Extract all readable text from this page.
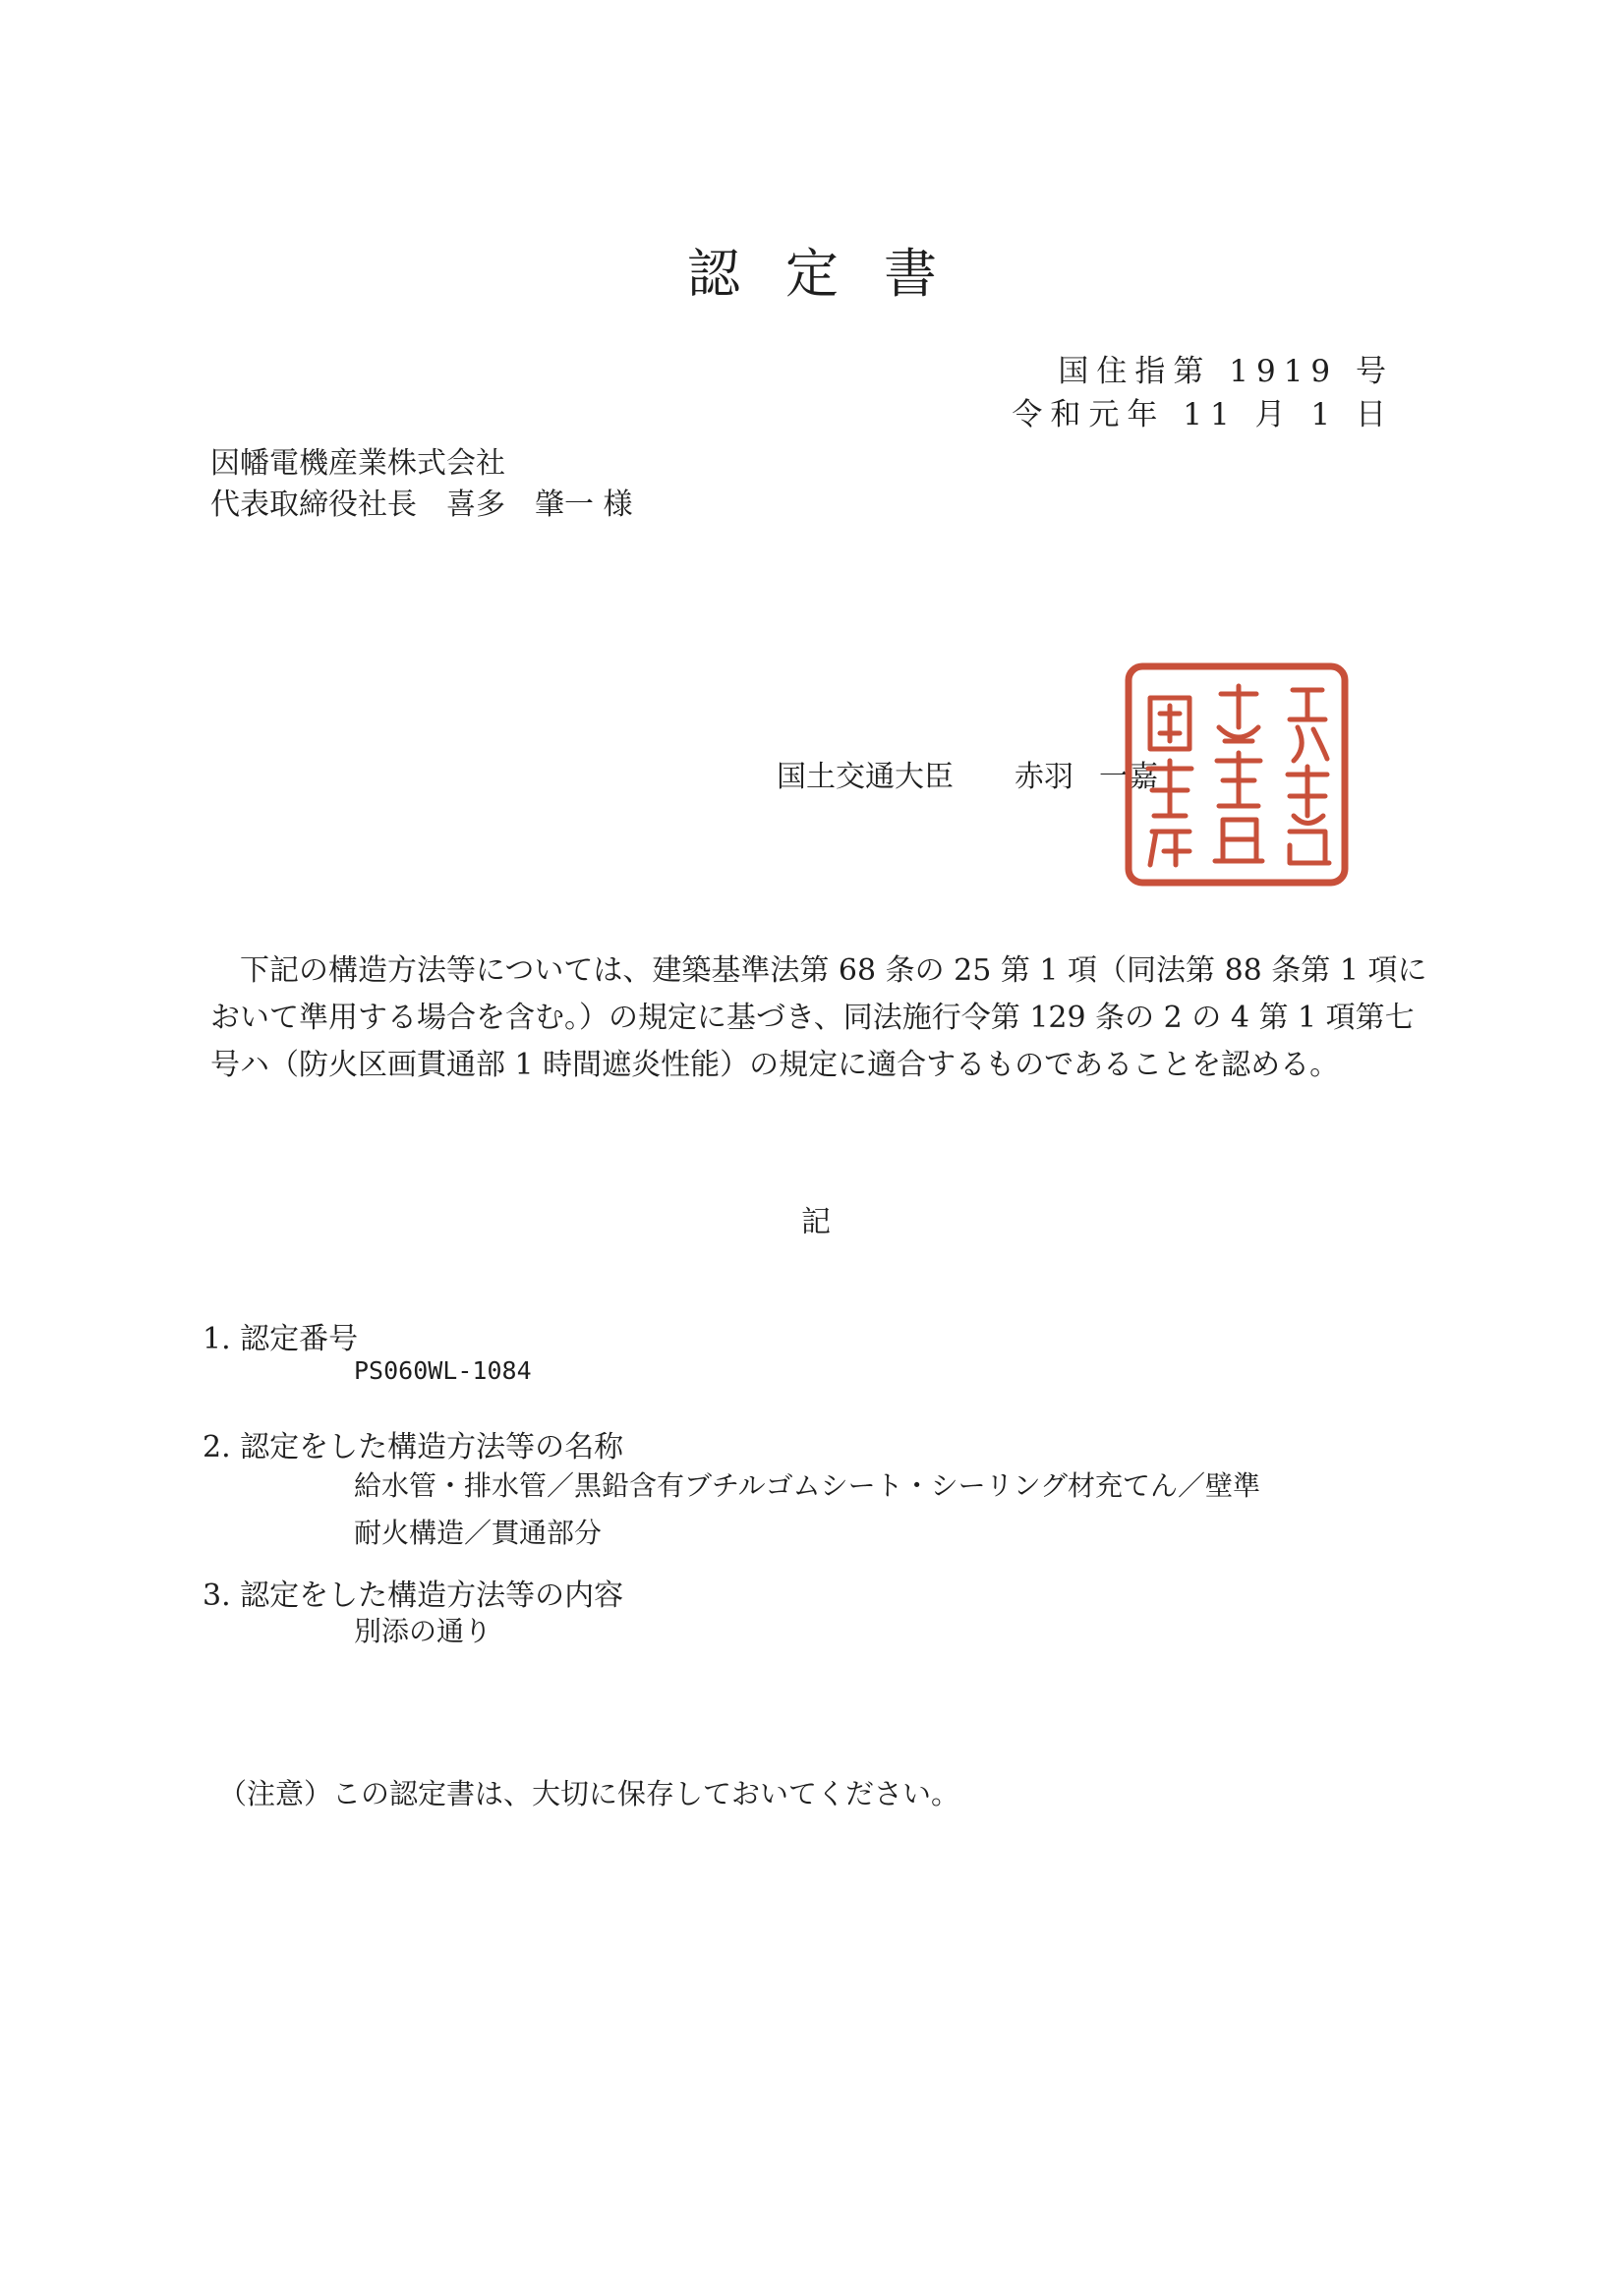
認定書
国住指第 1919 号
令和元年 11 月 1 日
因幡電機産業株式会社
代表取締役社長　喜多　肇一 様
国土交通大臣 赤羽 一嘉
下記の構造方法等については、建築基準法第 68 条の 25 第 1 項（同法第 88 条第 1 項に
おいて準用する場合を含む。）の規定に基づき、同法施行令第 129 条の 2 の 4 第 1 項第七
号ハ（防火区画貫通部 1 時間遮炎性能）の規定に適合するものであることを認める。
記
1. 認定番号
PS060WL-1084
2. 認定をした構造方法等の名称
給水管・排水管／黒鉛含有ブチルゴムシート・シーリング材充てん／壁準
耐火構造／貫通部分
3. 認定をした構造方法等の内容
別添の通り
（注意）この認定書は、大切に保存しておいてください。
